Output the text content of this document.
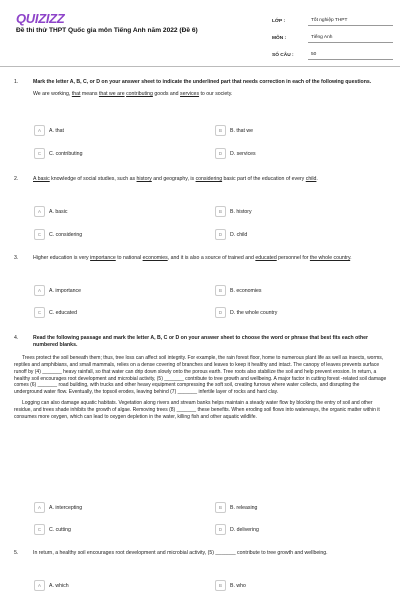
QUIZIZZ
Đề thi thử THPT Quốc gia môn Tiếng Anh năm 2022 (Đề 6)
LỚP :	Tốt nghiệp THPT
MÔN :	Tiếng Anh
SỐ CÂU :	50
1.	Mark the letter A, B, C, or D on your answer sheet to indicate the underlined part that needs correction in each of the following questions.
We are working, that means that we are contributing goods and services to our society.
A	A. that	B	B. that we
C	C. contributing	D	D. services
2.	A basic knowledge of social studies, such as history and geography, is considering basic part of the education of every child.
A	A. basic	B	B. history
C	C. considering	D	D. child
3.	Higher education is very importance to national economies, and it is also a source of trained and educated personnel for the whole country.
A	A. importance	B	B. economies
C	C. educated	D	D. the whole country
4.	Read the following passage and mark the letter A, B, C or D on your answer sheet to choose the word or phrase that best fits each other numbered blanks.

Trees protect the soil beneath them; thus, tree loss can affect soil integrity. For example, the rain forest floor, home to numerous plant life as well as insects, worms, reptiles and amphibians, and small mammals, relies on a dense covering of branches and leaves to keep it healthy and intact. The canopy of leaves prevents surface runoff by (4) _______ heavy rainfall, so that water can drip down slowly onto the porous earth. Tree roots also stabilize the soil and help prevent erosion. In return, a healthy soil encourages root development and microbial activity, (5) _______ contribute to tree growth and wellbeing. A major factor in cutting forest -related soil damage comes (6) _______ road building, with trucks and other heavy equipment compressing the soft soil, creating furrows where water collects, and disrupting the underground water flow. Eventually, the topsoil erodes, leaving behind (7) _______ infertile layer of rocks and hard clay.

Logging can also damage aquatic habitats. Vegetation along rivers and stream banks helps maintain a steady water flow by blocking the entry of soil and other residue, and trees shade inhibits the growth of algae. Removing trees (8) _______ these benefits. When eroding soil flows into waterways, the organic matter within it consumes more oxygen, which can lead to oxygen depletion in the water, killing fish and other aquatic wildlife.

A	A. intercepting	B	B. releasing
C	C. cutting	D	D. delivering
5.	In return, a healthy soil encourages root development and microbial activity, (5) _______ contribute to tree growth and wellbeing.
A	A. which	B	B. who
